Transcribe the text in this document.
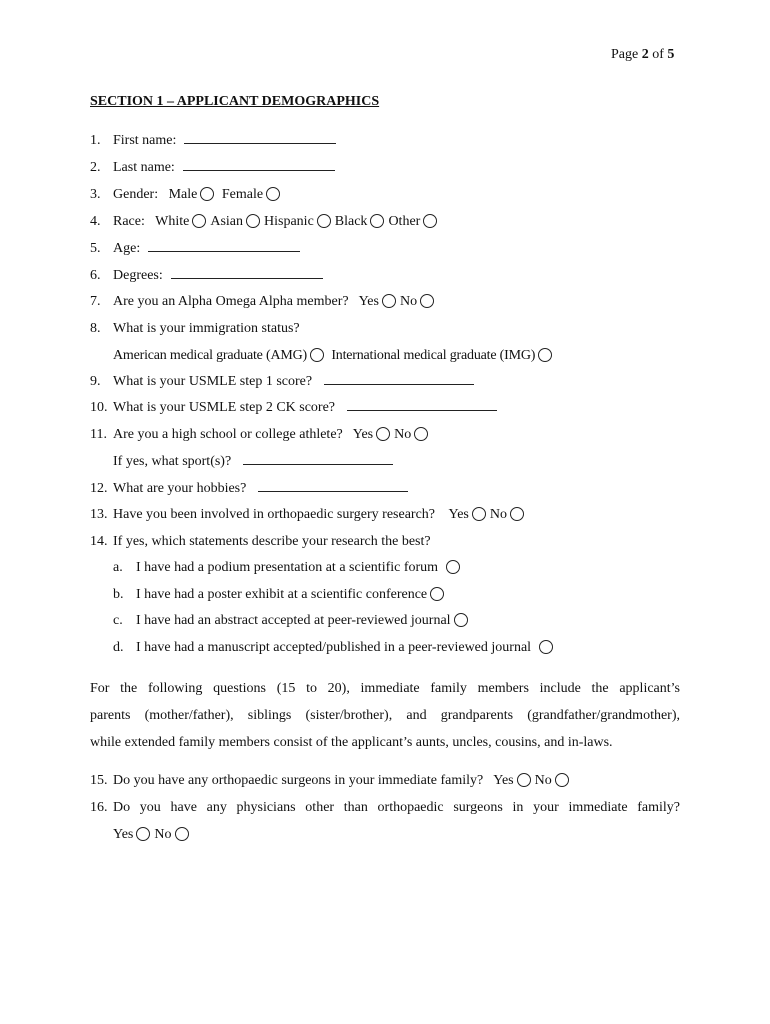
Page 2 of 5
SECTION 1 – APPLICANT DEMOGRAPHICS
1. First name:
2. Last name:
3. Gender: Male Female
4. Race: White Asian Hispanic Black Other
5. Age:
6. Degrees:
7. Are you an Alpha Omega Alpha member? Yes No
8. What is your immigration status?
American medical graduate (AMG) International medical graduate (IMG)
9. What is your USMLE step 1 score?
10. What is your USMLE step 2 CK score?
11. Are you a high school or college athlete? Yes No
If yes, what sport(s)?
12. What are your hobbies?
13. Have you been involved in orthopaedic surgery research? Yes No
14. If yes, which statements describe your research the best?
a. I have had a podium presentation at a scientific forum
b. I have had a poster exhibit at a scientific conference
c. I have had an abstract accepted at peer-reviewed journal
d. I have had a manuscript accepted/published in a peer-reviewed journal
For the following questions (15 to 20), immediate family members include the applicant’s
parents (mother/father), siblings (sister/brother), and grandparents (grandfather/grandmother),
while extended family members consist of the applicant’s aunts, uncles, cousins, and in-laws.
15. Do you have any orthopaedic surgeons in your immediate family? Yes No
16. Do you have any physicians other than orthopaedic surgeons in your immediate family?
Yes No
